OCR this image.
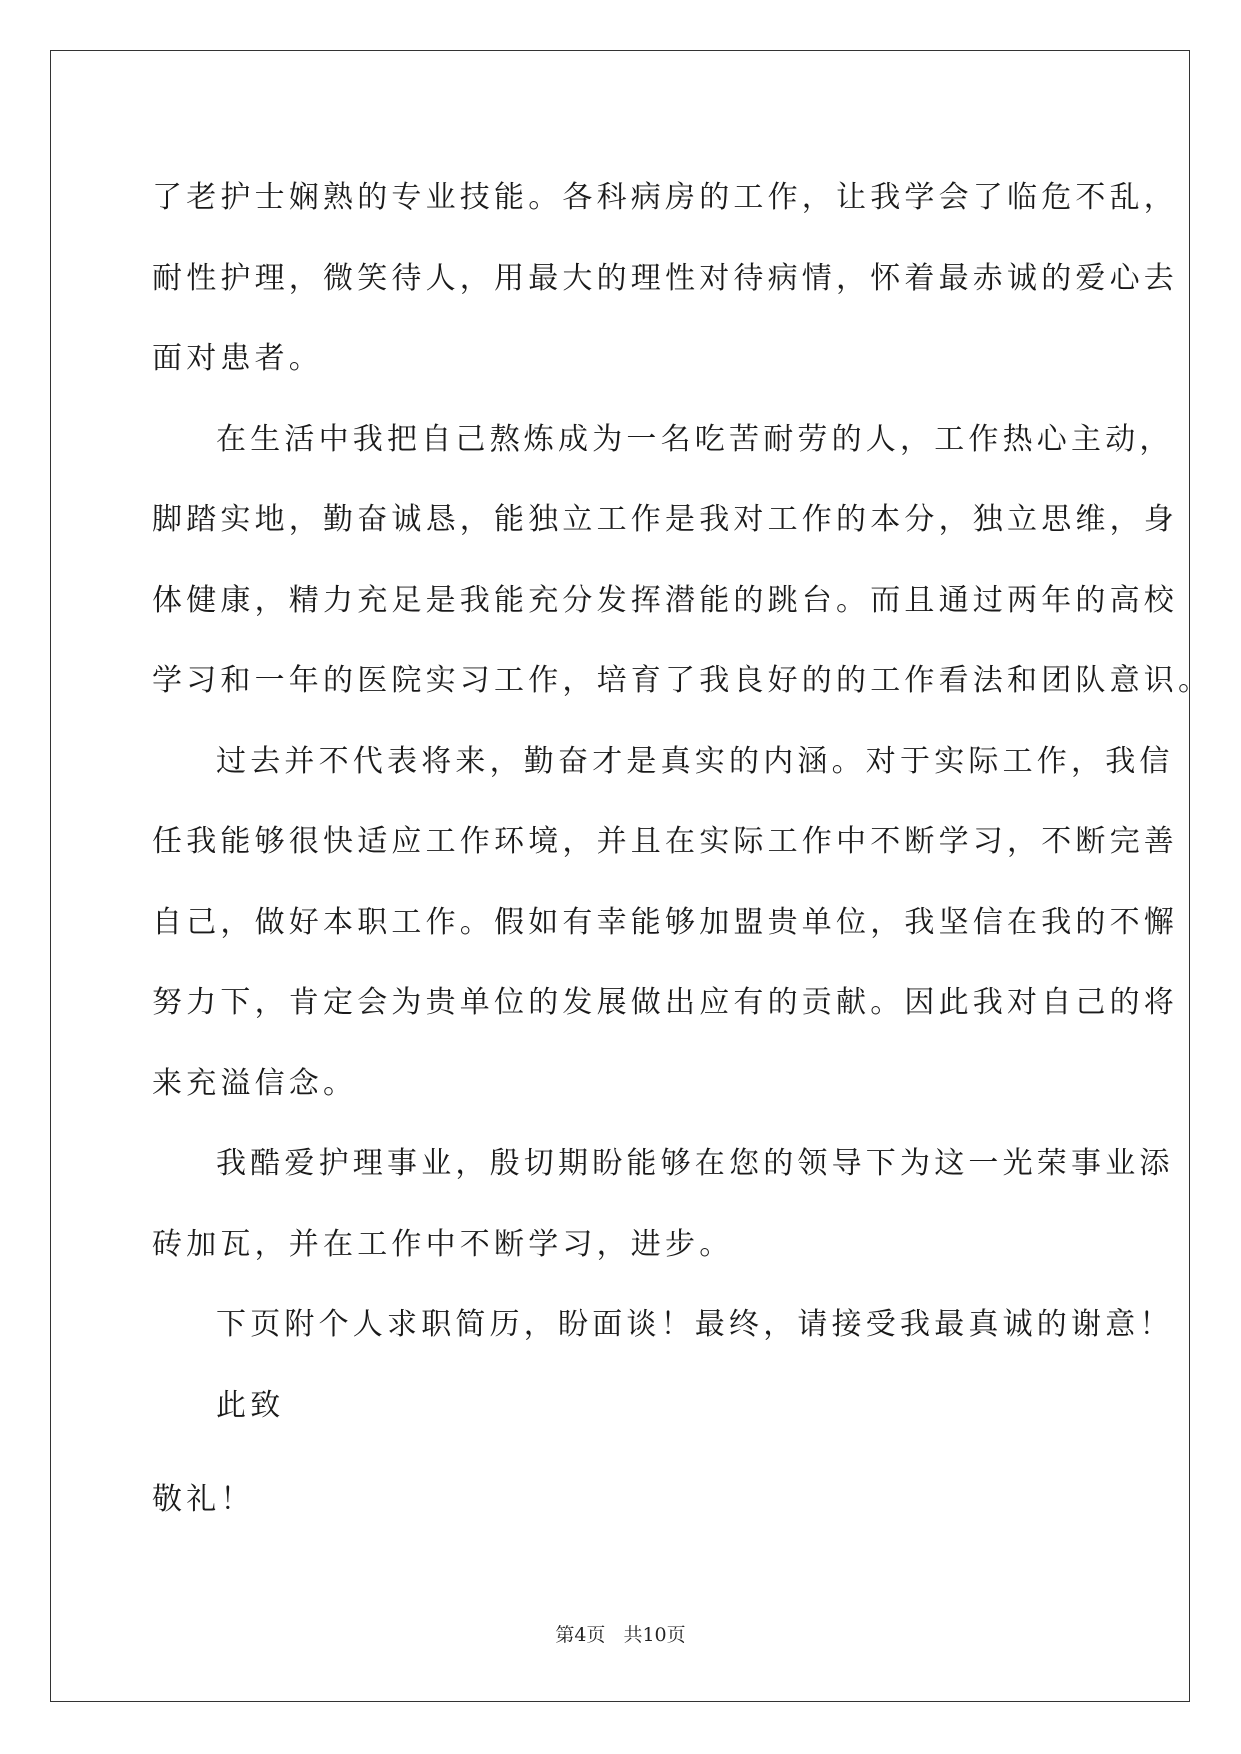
了老护士娴熟的专业技能。各科病房的工作，让我学会了临危不乱，
耐性护理，微笑待人，用最大的理性对待病情，怀着最赤诚的爱心去
面对患者。
在生活中我把自己熬炼成为一名吃苦耐劳的人，工作热心主动，
脚踏实地，勤奋诚恳，能独立工作是我对工作的本分，独立思维，身
体健康，精力充足是我能充分发挥潜能的跳台。而且通过两年的高校
学习和一年的医院实习工作，培育了我良好的的工作看法和团队意识。
过去并不代表将来，勤奋才是真实的内涵。对于实际工作，我信
任我能够很快适应工作环境，并且在实际工作中不断学习，不断完善
自己，做好本职工作。假如有幸能够加盟贵单位，我坚信在我的不懈
努力下，肯定会为贵单位的发展做出应有的贡献。因此我对自己的将
来充溢信念。
我酷爱护理事业，殷切期盼能够在您的领导下为这一光荣事业添
砖加瓦，并在工作中不断学习，进步。
下页附个人求职简历，盼面谈！最终，请接受我最真诚的谢意！
此致
敬礼！
第4页 共10页
